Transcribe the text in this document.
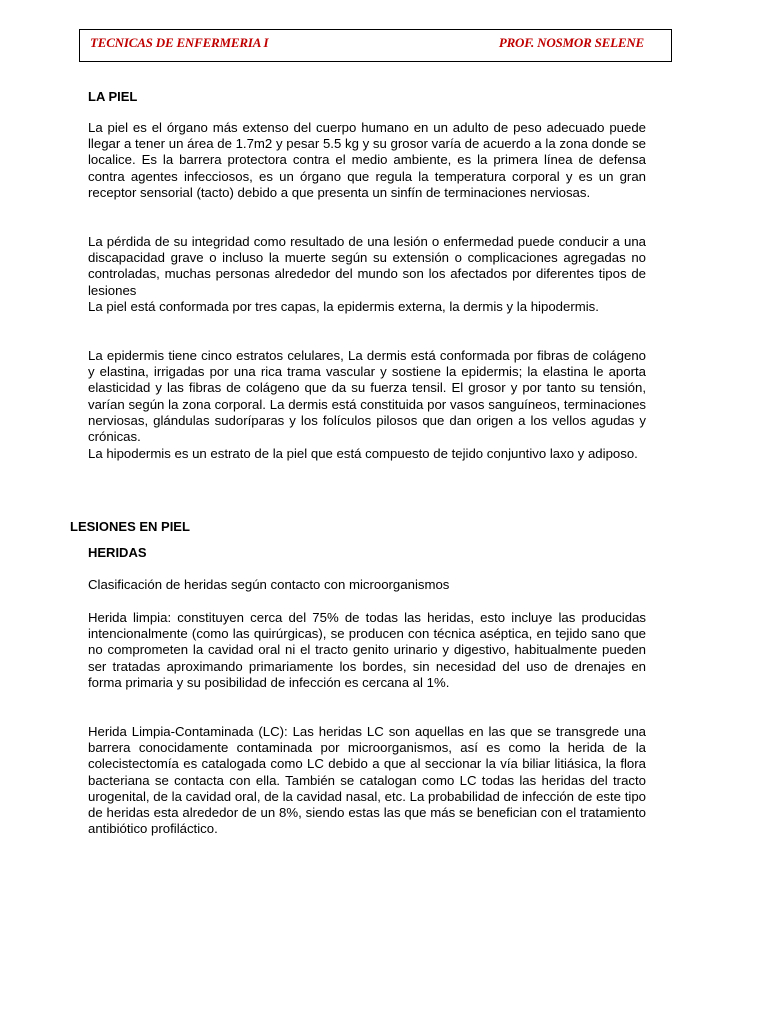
TECNICAS DE ENFERMERIA I	PROF. NOSMOR SELENE
LA PIEL

La piel es el órgano más extenso del cuerpo humano en un adulto de peso adecuado puede llegar a tener un área de 1.7m2 y pesar 5.5 kg y su grosor varía de acuerdo a la zona donde se localice. Es la barrera protectora contra el medio ambiente, es la primera línea de defensa contra agentes infecciosos, es un órgano que regula la temperatura corporal y es un gran receptor sensorial (tacto) debido a que presenta un sinfín de terminaciones nerviosas.

La pérdida de su integridad como resultado de una lesión o enfermedad puede conducir a una discapacidad grave o incluso la muerte según su extensión o complicaciones agregadas no controladas, muchas personas alrededor del mundo son los afectados por diferentes tipos de lesiones

La piel está conformada por tres capas, la epidermis externa, la dermis y la hipodermis.

La epidermis tiene cinco estratos celulares, La dermis está conformada por fibras de colágeno y elastina, irrigadas por una rica trama vascular y sostiene la epidermis; la elastina le aporta elasticidad y las fibras de colágeno que da su fuerza tensil. El grosor y por tanto su tensión, varían según la zona corporal. La dermis está constituida por vasos sanguíneos, terminaciones nerviosas, glándulas sudoríparas y los folículos pilosos que dan origen a los vellos agudas y crónicas.

La hipodermis es un estrato de la piel que está compuesto de tejido conjuntivo laxo y adiposo.

LESIONES EN PIEL
HERIDAS
Clasificación de heridas según contacto con microorganismos

Herida limpia: constituyen cerca del 75% de todas las heridas, esto incluye las producidas intencionalmente (como las quirúrgicas), se producen con técnica aséptica, en tejido sano que no comprometen la cavidad oral ni el tracto genito urinario y digestivo, habitualmente pueden ser tratadas aproximando primariamente los bordes, sin necesidad del uso de drenajes en forma primaria y su posibilidad de infección es cercana al 1%.

Herida Limpia-Contaminada (LC): Las heridas LC son aquellas en las que se transgrede una barrera conocidamente contaminada por microorganismos, así es como la herida de la colecistectomía es catalogada como LC debido a que al seccionar la vía biliar litiásica, la flora bacteriana se contacta con ella. También se catalogan como LC todas las heridas del tracto urogenital, de la cavidad oral, de la cavidad nasal, etc. La probabilidad de infección de este tipo de heridas esta alrededor de un 8%, siendo estas las que más se benefician con el tratamiento antibiótico profiláctico.
